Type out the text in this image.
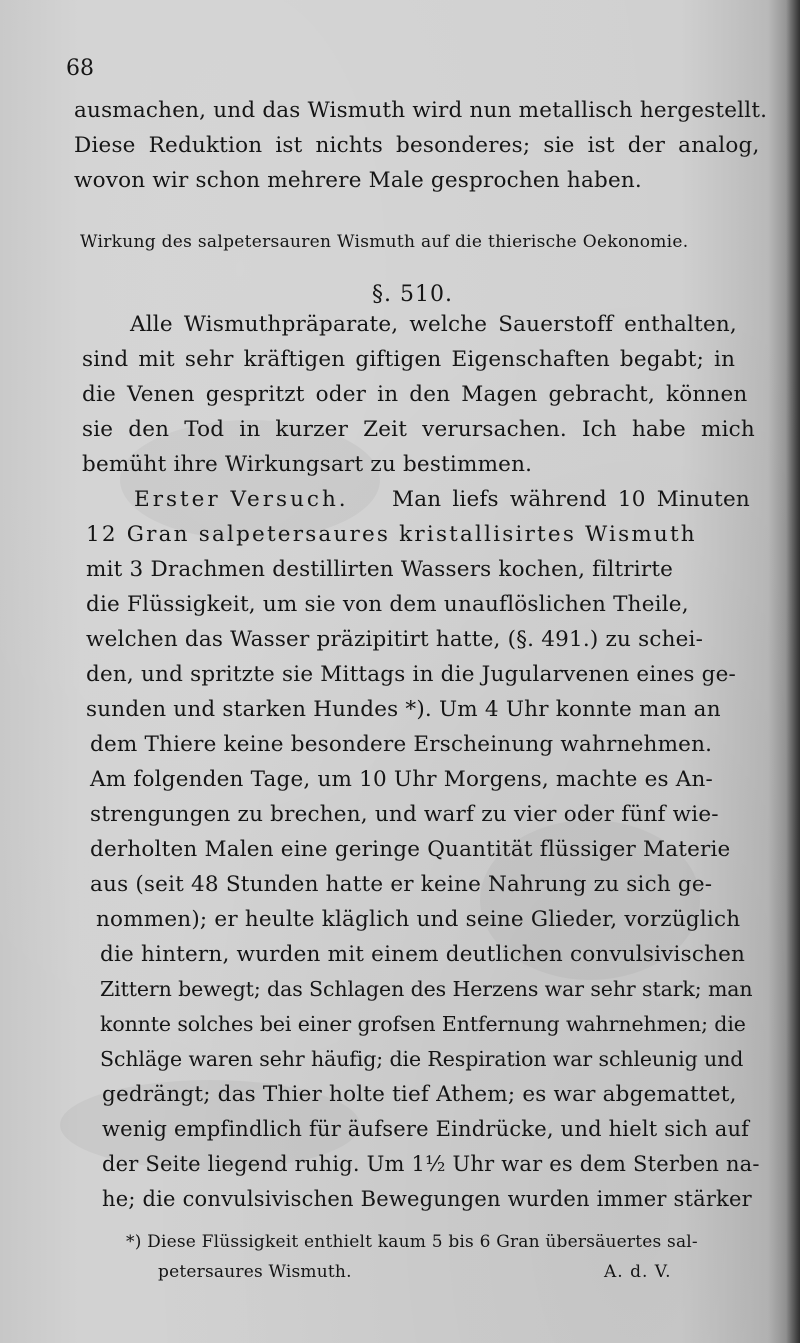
68
ausmachen, und das Wismuth wird nun metallisch hergestellt.
Diese Reduktion ist nichts besonderes; sie ist der analog,
wovon wir schon mehrere Male gesprochen haben.
Wirkung des salpetersauren Wismuth auf die thierische Oekonomie.
§. 510.
Alle Wismuthpräparate, welche Sauerstoff enthalten,
sind mit sehr kräftigen giftigen Eigenschaften begabt; in
die Venen gespritzt oder in den Magen gebracht, können
sie den Tod in kurzer Zeit verursachen. Ich habe mich
bemüht ihre Wirkungsart zu bestimmen.
Erster Versuch. Man liefs während 10 Minuten
12 Gran salpetersaures kristallisirtes Wismuth
mit 3 Drachmen destillirten Wassers kochen, filtrirte
die Flüssigkeit, um sie von dem unauflöslichen Theile,
welchen das Wasser präzipitirt hatte, (§. 491.) zu schei-
den, und spritzte sie Mittags in die Jugularvenen eines ge-
sunden und starken Hundes *). Um 4 Uhr konnte man an
dem Thiere keine besondere Erscheinung wahrnehmen.
Am folgenden Tage, um 10 Uhr Morgens, machte es An-
strengungen zu brechen, und warf zu vier oder fünf wie-
derholten Malen eine geringe Quantität flüssiger Materie
aus (seit 48 Stunden hatte er keine Nahrung zu sich ge-
nommen); er heulte kläglich und seine Glieder, vorzüglich
die hintern, wurden mit einem deutlichen convulsivischen
Zittern bewegt; das Schlagen des Herzens war sehr stark; man
konnte solches bei einer grofsen Entfernung wahrnehmen; die
Schläge waren sehr häufig; die Respiration war schleunig und
gedrängt; das Thier holte tief Athem; es war abgemattet,
wenig empfindlich für äufsere Eindrücke, und hielt sich auf
der Seite liegend ruhig. Um 1½ Uhr war es dem Sterben na-
he; die convulsivischen Bewegungen wurden immer stärker
*) Diese Flüssigkeit enthielt kaum 5 bis 6 Gran übersäuertes sal-
petersaures Wismuth.	A. d. V.
